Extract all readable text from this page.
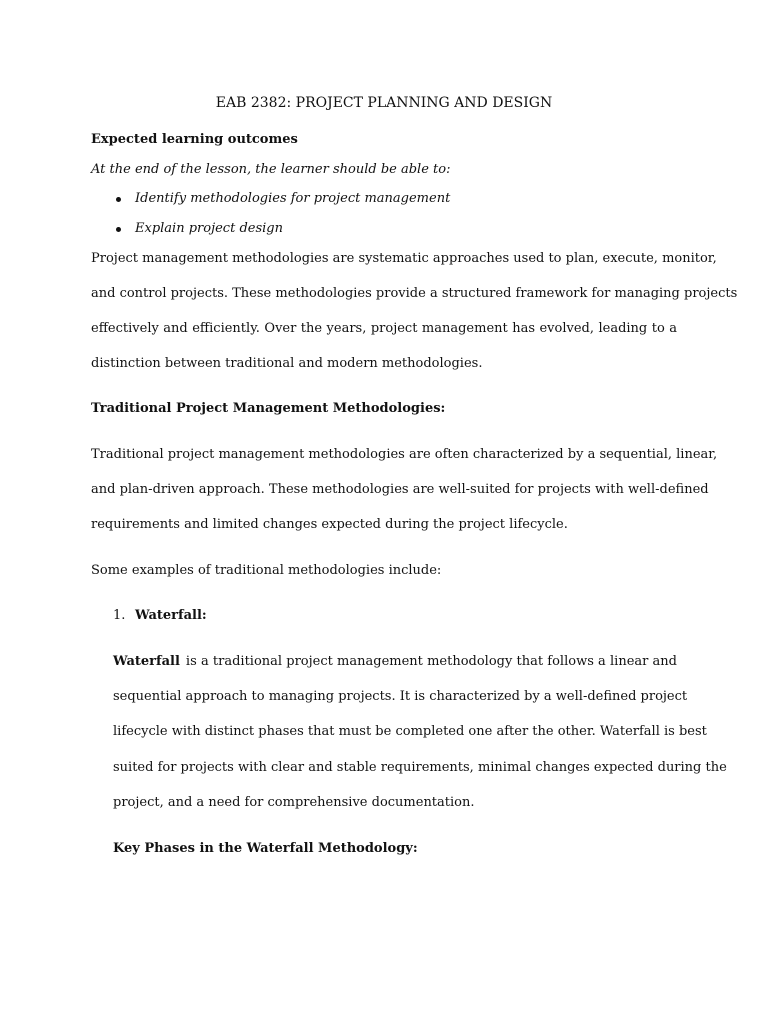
EAB 2382: PROJECT PLANNING AND DESIGN
Expected learning outcomes
At the end of the lesson, the learner should be able to:
Identify methodologies for project management
Explain project design
Project management methodologies are systematic approaches used to plan, execute, monitor,
and control projects. These methodologies provide a structured framework for managing projects
effectively and efficiently. Over the years, project management has evolved, leading to a
distinction between traditional and modern methodologies.
Traditional Project Management Methodologies:
Traditional project management methodologies are often characterized by a sequential, linear,
and plan-driven approach. These methodologies are well-suited for projects with well-defined
requirements and limited changes expected during the project lifecycle.
Some examples of traditional methodologies include:
1. Waterfall:
Waterfall is a traditional project management methodology that follows a linear and
sequential approach to managing projects. It is characterized by a well-defined project
lifecycle with distinct phases that must be completed one after the other. Waterfall is best
suited for projects with clear and stable requirements, minimal changes expected during the
project, and a need for comprehensive documentation.
Key Phases in the Waterfall Methodology:
